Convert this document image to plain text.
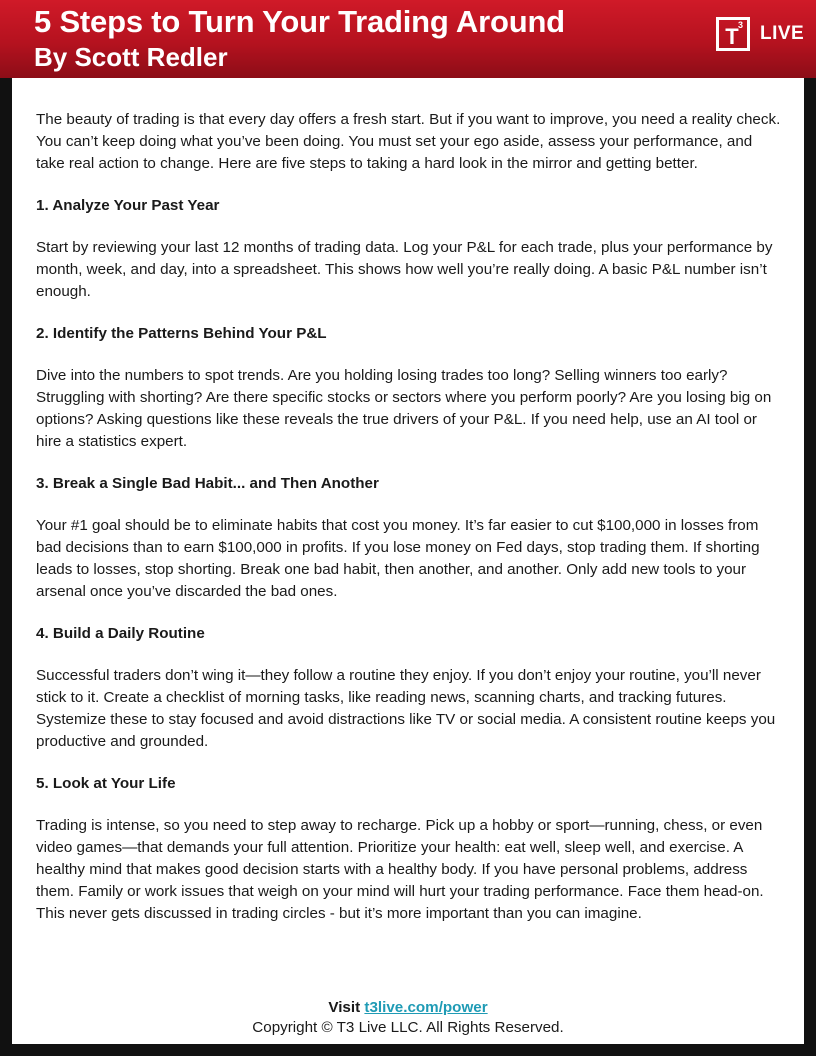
5 Steps to Turn Your Trading Around
By Scott Redler
T 3 LIVE

The beauty of trading is that every day offers a fresh start. But if you want to improve, you need a reality check. You can’t keep doing what you’ve been doing. You must set your ego aside, assess your performance, and take real action to change. Here are five steps to taking a hard look in the mirror and getting better.

1. Analyze Your Past Year

Start by reviewing your last 12 months of trading data. Log your P&L for each trade, plus your performance by month, week, and day, into a spreadsheet. This shows how well you’re really doing. A basic P&L number isn’t enough.

2. Identify the Patterns Behind Your P&L

Dive into the numbers to spot trends. Are you holding losing trades too long? Selling winners too early? Struggling with shorting? Are there specific stocks or sectors where you perform poorly? Are you losing big on options? Asking questions like these reveals the true drivers of your P&L. If you need help, use an AI tool or hire a statistics expert.

3. Break a Single Bad Habit... and Then Another

Your #1 goal should be to eliminate habits that cost you money. It’s far easier to cut $100,000 in losses from bad decisions than to earn $100,000 in profits. If you lose money on Fed days, stop trading them. If shorting leads to losses, stop shorting. Break one bad habit, then another, and another. Only add new tools to your arsenal once you’ve discarded the bad ones.

4. Build a Daily Routine

Successful traders don’t wing it—they follow a routine they enjoy. If you don’t enjoy your routine, you’ll never stick to it. Create a checklist of morning tasks, like reading news, scanning charts, and tracking futures. Systemize these to stay focused and avoid distractions like TV or social media. A consistent routine keeps you productive and grounded.

5. Look at Your Life

Trading is intense, so you need to step away to recharge. Pick up a hobby or sport—running, chess, or even video games—that demands your full attention. Prioritize your health: eat well, sleep well, and exercise. A healthy mind that makes good decision starts with a healthy body. If you have personal problems, address them. Family or work issues that weigh on your mind will hurt your trading performance. Face them head-on. This never gets discussed in trading circles - but it’s more important than you can imagine.

Visit t3live.com/power
Copyright © T3 Live LLC. All Rights Reserved.
